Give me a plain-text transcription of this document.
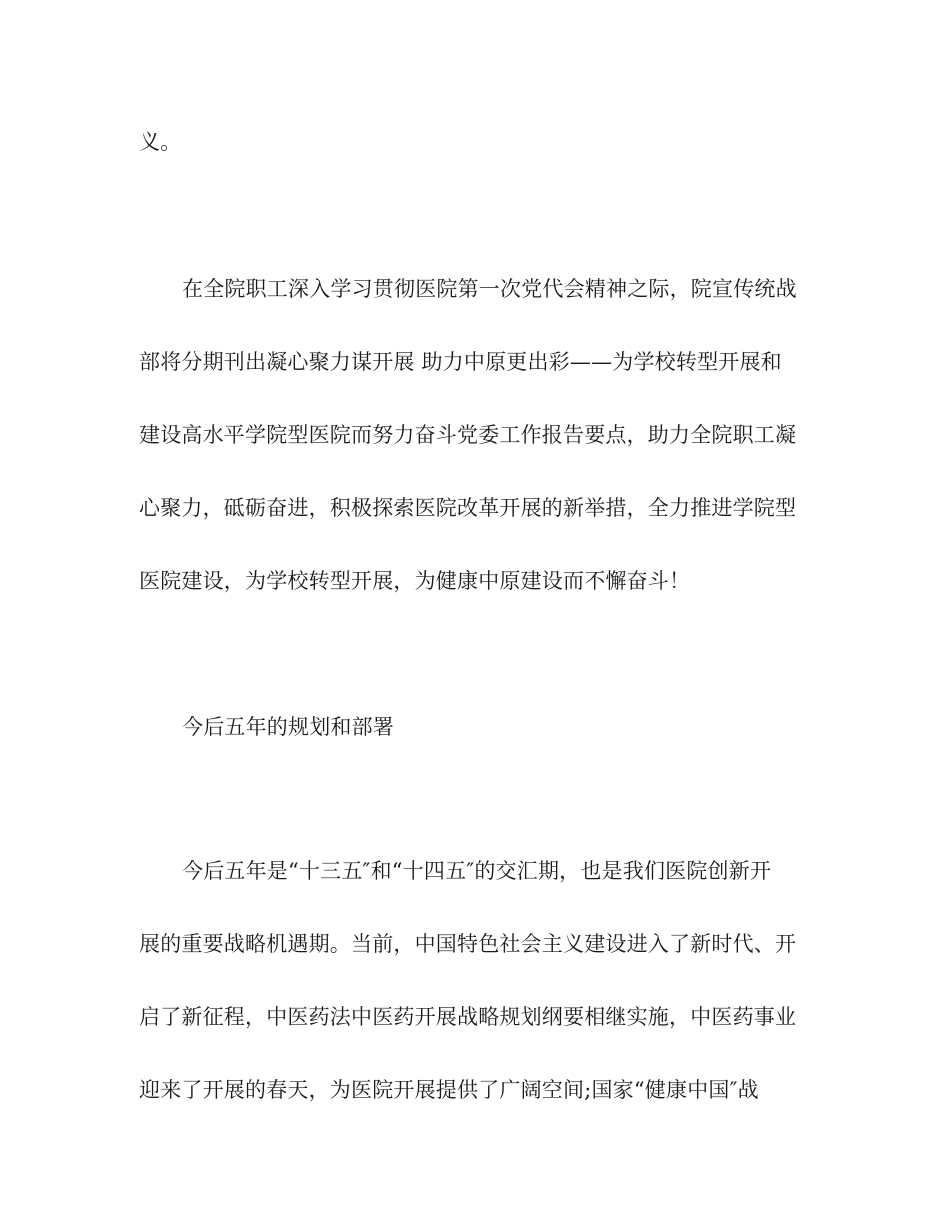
义。
在全院职工深入学习贯彻医院第一次党代会精神之际，院宣传统战
部将分期刊出凝心聚力谋开展 助力中原更出彩——为学校转型开展和
建设高水平学院型医院而努力奋斗党委工作报告要点，助力全院职工凝
心聚力，砥砺奋进，积极探索医院改革开展的新举措，全力推进学院型
医院建设，为学校转型开展，为健康中原建设而不懈奋斗！
今后五年的规划和部署
今后五年是“十三五″和“十四五″的交汇期，也是我们医院创新开
展的重要战略机遇期。当前，中国特色社会主义建设进入了新时代、开
启了新征程，中医药法中医药开展战略规划纲要相继实施，中医药事业
迎来了开展的春天，为医院开展提供了广阔空间;国家“健康中国″战
